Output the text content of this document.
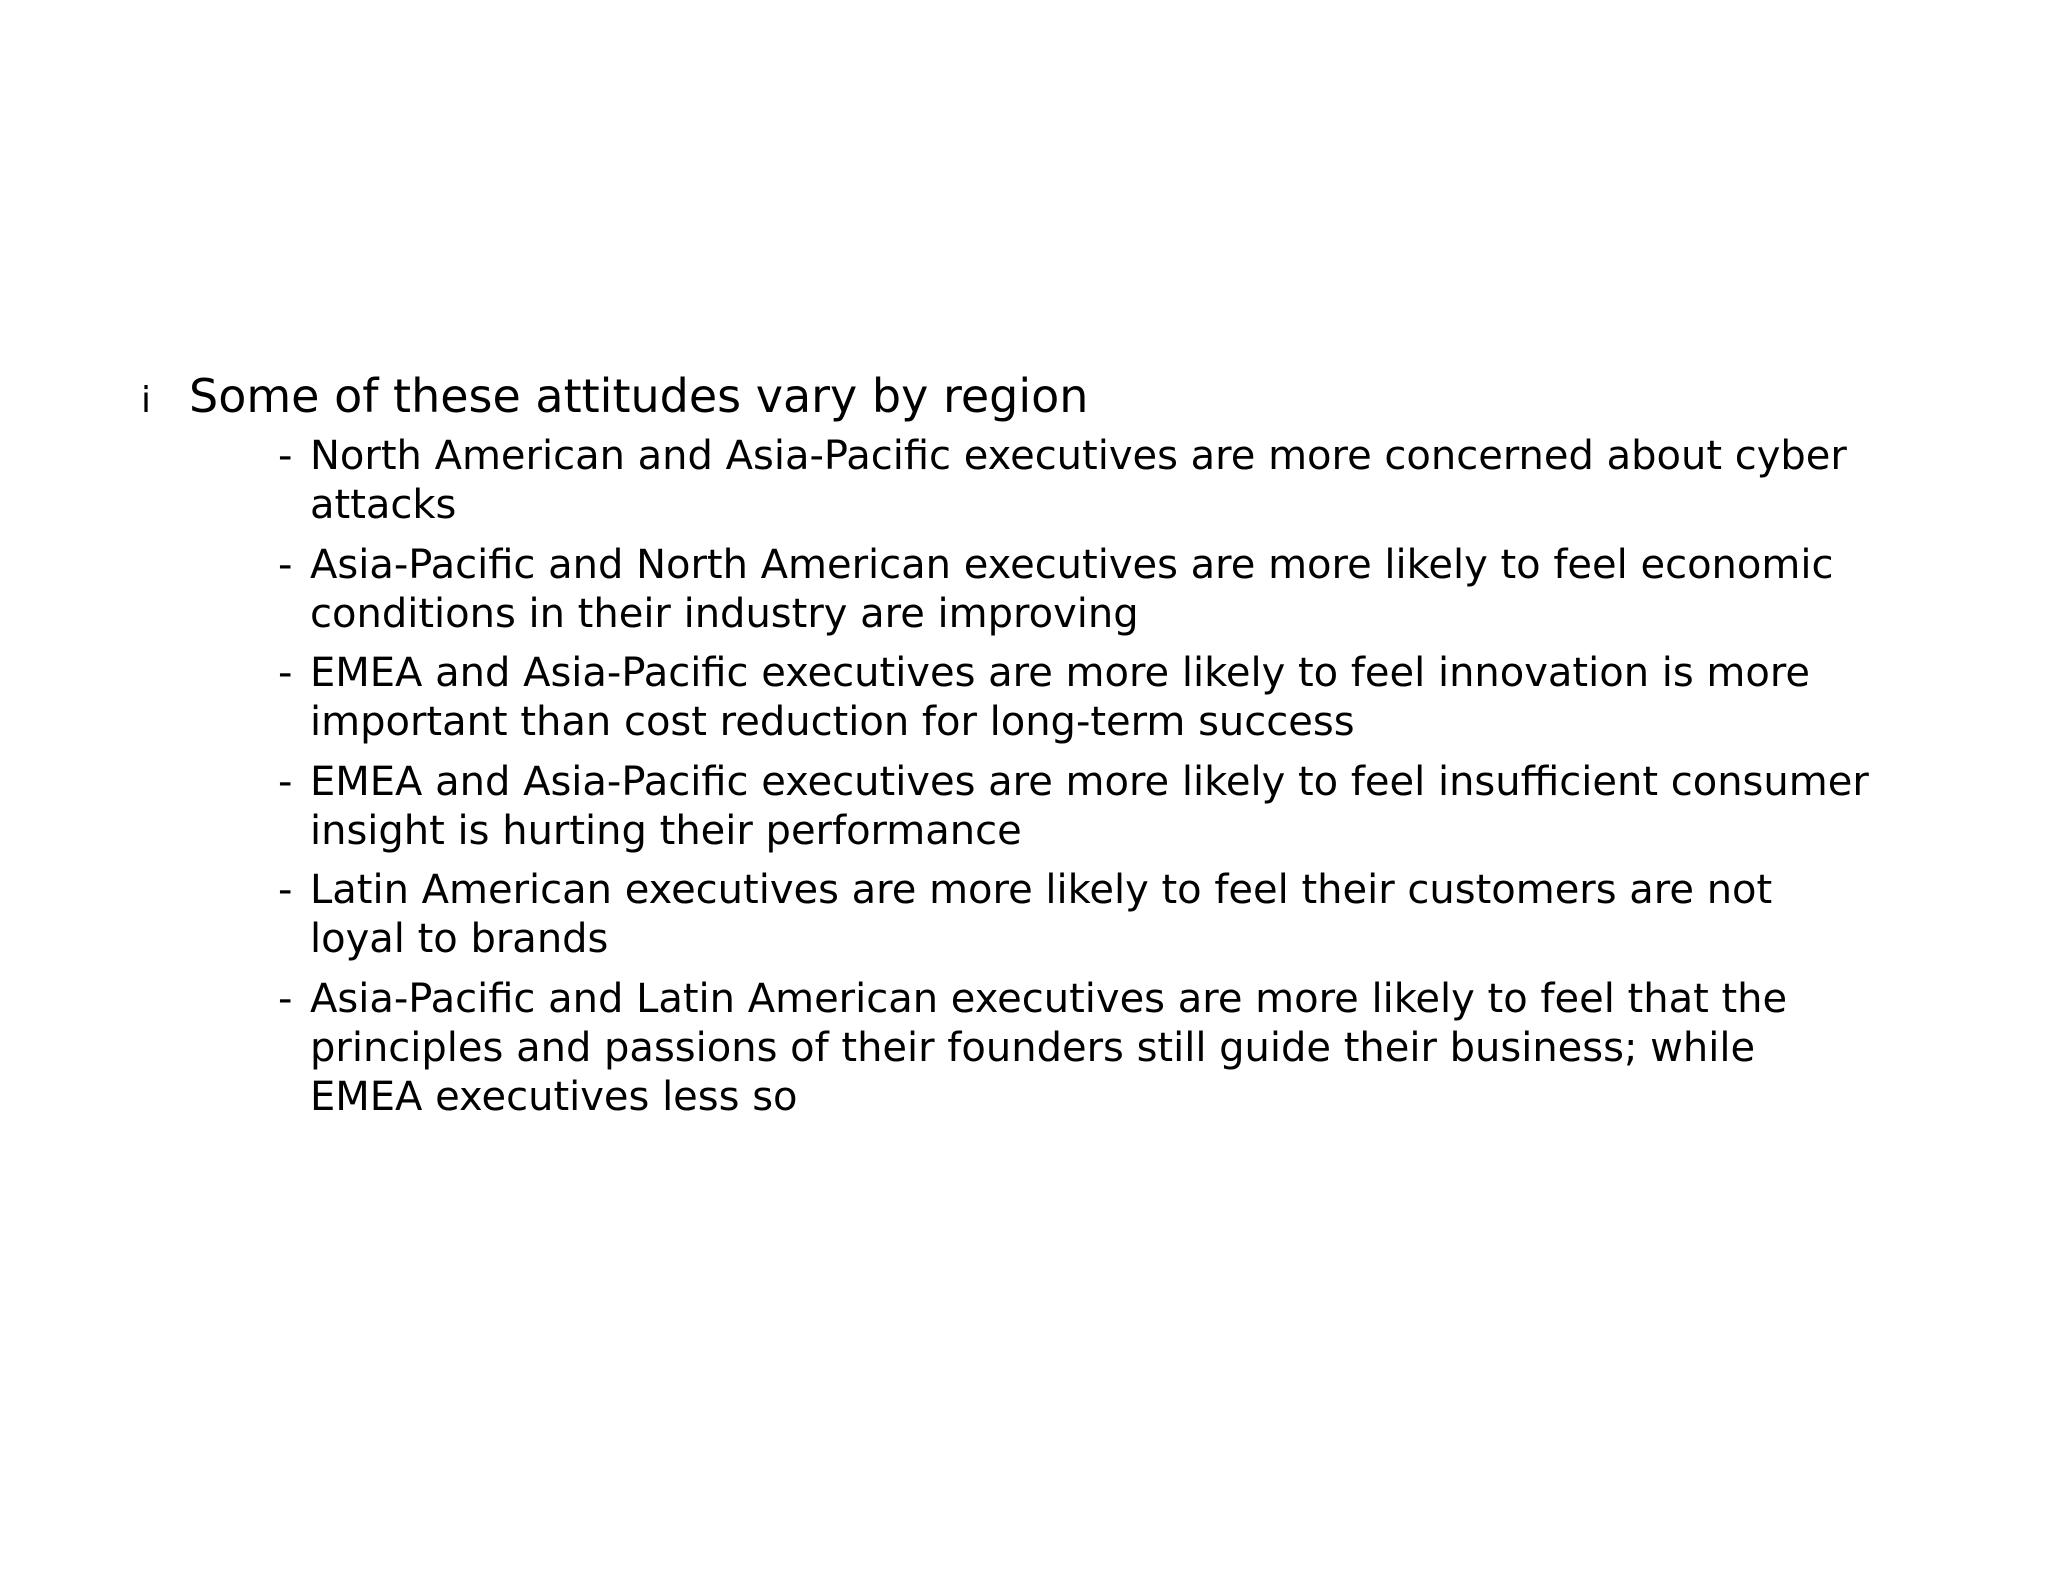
i Some of these attitudes vary by region
- North American and Asia-Pacific executives are more concerned about cyber
attacks
- Asia-Pacific and North American executives are more likely to feel economic
conditions in their industry are improving
- EMEA and Asia-Pacific executives are more likely to feel innovation is more
important than cost reduction for long-term success
- EMEA and Asia-Pacific executives are more likely to feel insufficient consumer
insight is hurting their performance
- Latin American executives are more likely to feel their customers are not
loyal to brands
- Asia-Pacific and Latin American executives are more likely to feel that the
principles and passions of their founders still guide their business; while
EMEA executives less so
